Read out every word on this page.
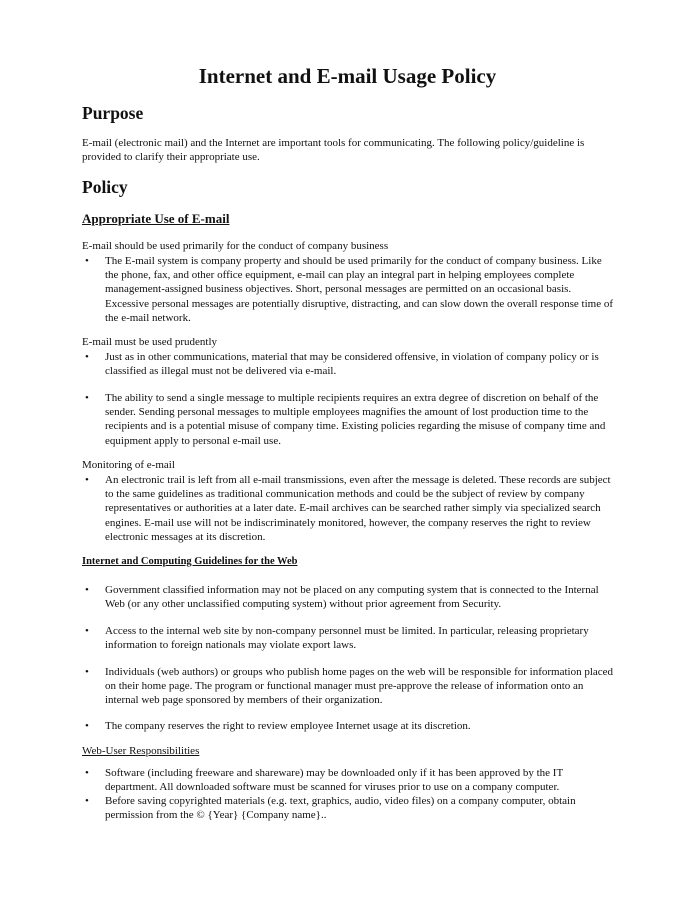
Internet and E-mail Usage Policy
Purpose
E-mail (electronic mail) and the Internet are important tools for communicating. The following policy/guideline is provided to clarify their appropriate use.
Policy
Appropriate Use of E-mail
E-mail should be used primarily for the conduct of company business
•	The E-mail system is company property and should be used primarily for the conduct of company business. Like the phone, fax, and other office equipment, e-mail can play an integral part in helping employees complete management-assigned business objectives. Short, personal messages are permitted on an occasional basis. Excessive personal messages are potentially disruptive, distracting, and can slow down the overall response time of the e-mail network.
E-mail must be used prudently
•	Just as in other communications, material that may be considered offensive, in violation of company policy or is classified as illegal must not be delivered via e-mail.
•	The ability to send a single message to multiple recipients requires an extra degree of discretion on behalf of the sender. Sending personal messages to multiple employees magnifies the amount of lost production time to the recipients and is a potential misuse of company time. Existing policies regarding the misuse of company time and equipment apply to personal e-mail use.
Monitoring of e-mail
•	An electronic trail is left from all e-mail transmissions, even after the message is deleted. These records are subject to the same guidelines as traditional communication methods and could be the subject of review by company representatives or authorities at a later date. E-mail archives can be searched rather simply via specialized search engines. E-mail use will not be indiscriminately monitored, however, the company reserves the right to review electronic messages at its discretion.
Internet and Computing Guidelines for the Web
•	Government classified information may not be placed on any computing system that is connected to the Internal Web (or any other unclassified computing system) without prior agreement from Security.
•	Access to the internal web site by non-company personnel must be limited. In particular, releasing proprietary information to foreign nationals may violate export laws.
•	Individuals (web authors) or groups who publish home pages on the web will be responsible for information placed on their home page. The program or functional manager must pre-approve the release of information onto an internal web page sponsored by members of their organization.
•	The company reserves the right to review employee Internet usage at its discretion.
Web-User Responsibilities
•	Software (including freeware and shareware) may be downloaded only if it has been approved by the IT department. All downloaded software must be scanned for viruses prior to use on a company computer.
•	Before saving copyrighted materials (e.g. text, graphics, audio, video files) on a company computer, obtain permission from the © {Year} {Company name}..
